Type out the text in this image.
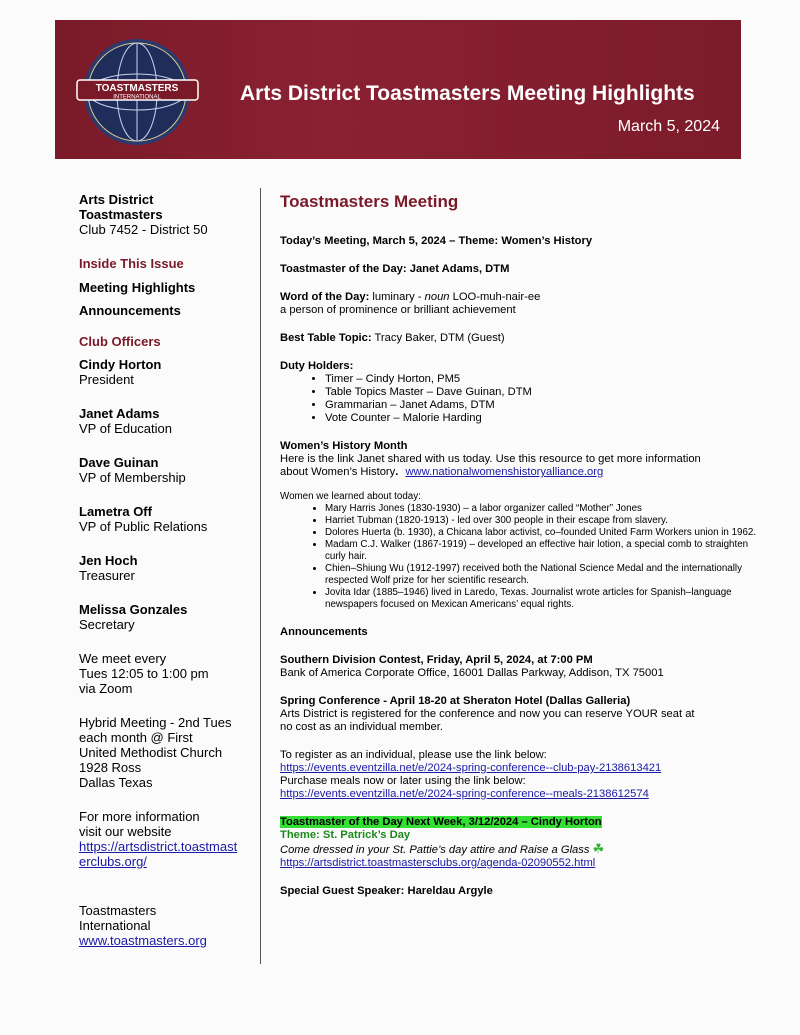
TOASTMASTERS
INTERNATIONAL	Arts District Toastmasters Meeting Highlights
March 5, 2024
Arts District
Toastmasters
Club 7452 - District 50
Inside This Issue
Meeting Highlights
Announcements
Club Officers
Cindy Horton
President
Janet Adams
VP of Education
Dave Guinan
VP of Membership
Lametra Off
VP of Public Relations
Jen Hoch
Treasurer
Melissa Gonzales
Secretary
We meet every
Tues 12:05 to 1:00 pm
via Zoom
Hybrid Meeting - 2nd Tues
each month @ First
United Methodist Church
1928 Ross
Dallas Texas
For more information
visit our website
https://artsdistrict.toastmasterclubs.org/
Toastmasters
International
www.toastmasters.org
Toastmasters Meeting
Today’s Meeting, March 5, 2024 – Theme: Women’s History
Toastmaster of the Day: Janet Adams, DTM
Word of the Day: luminary - noun LOO-muh-nair-ee
a person of prominence or brilliant achievement
Best Table Topic: Tracy Baker, DTM (Guest)
Duty Holders:
• Timer – Cindy Horton, PM5
• Table Topics Master – Dave Guinan, DTM
• Grammarian – Janet Adams, DTM
• Vote Counter – Malorie Harding
Women’s History Month
Here is the link Janet shared with us today. Use this resource to get more information
about Women’s History. www.nationalwomenshistoryalliance.org
Women we learned about today:
• Mary Harris Jones (1830-1930) – a labor organizer called “Mother” Jones
• Harriet Tubman (1820-1913) - led over 300 people in their escape from slavery.
• Dolores Huerta (b. 1930), a Chicana labor activist, co–founded United Farm Workers union in 1962.
• Madam C.J. Walker (1867-1919) – developed an effective hair lotion, a special comb to straighten curly hair.
• Chien–Shiung Wu (1912-1997) received both the National Science Medal and the internationally respected Wolf prize for her scientific research.
• Jovita Idar (1885–1946) lived in Laredo, Texas. Journalist wrote articles for Spanish–language newspapers focused on Mexican Americans’ equal rights.
Announcements
Southern Division Contest, Friday, April 5, 2024, at 7:00 PM
Bank of America Corporate Office, 16001 Dallas Parkway, Addison, TX 75001
Spring Conference - April 18-20 at Sheraton Hotel (Dallas Galleria)
Arts District is registered for the conference and now you can reserve YOUR seat at
no cost as an individual member.
To register as an individual, please use the link below:
https://events.eventzilla.net/e/2024-spring-conference--club-pay-2138613421
Purchase meals now or later using the link below:
https://events.eventzilla.net/e/2024-spring-conference--meals-2138612574
Toastmaster of the Day Next Week, 3/12/2024 – Cindy Horton
Theme: St. Patrick’s Day
Come dressed in your St. Pattie’s day attire and Raise a Glass ☘
https://artsdistrict.toastmastersclubs.org/agenda-02090552.html
Special Guest Speaker: Hareldau Argyle
